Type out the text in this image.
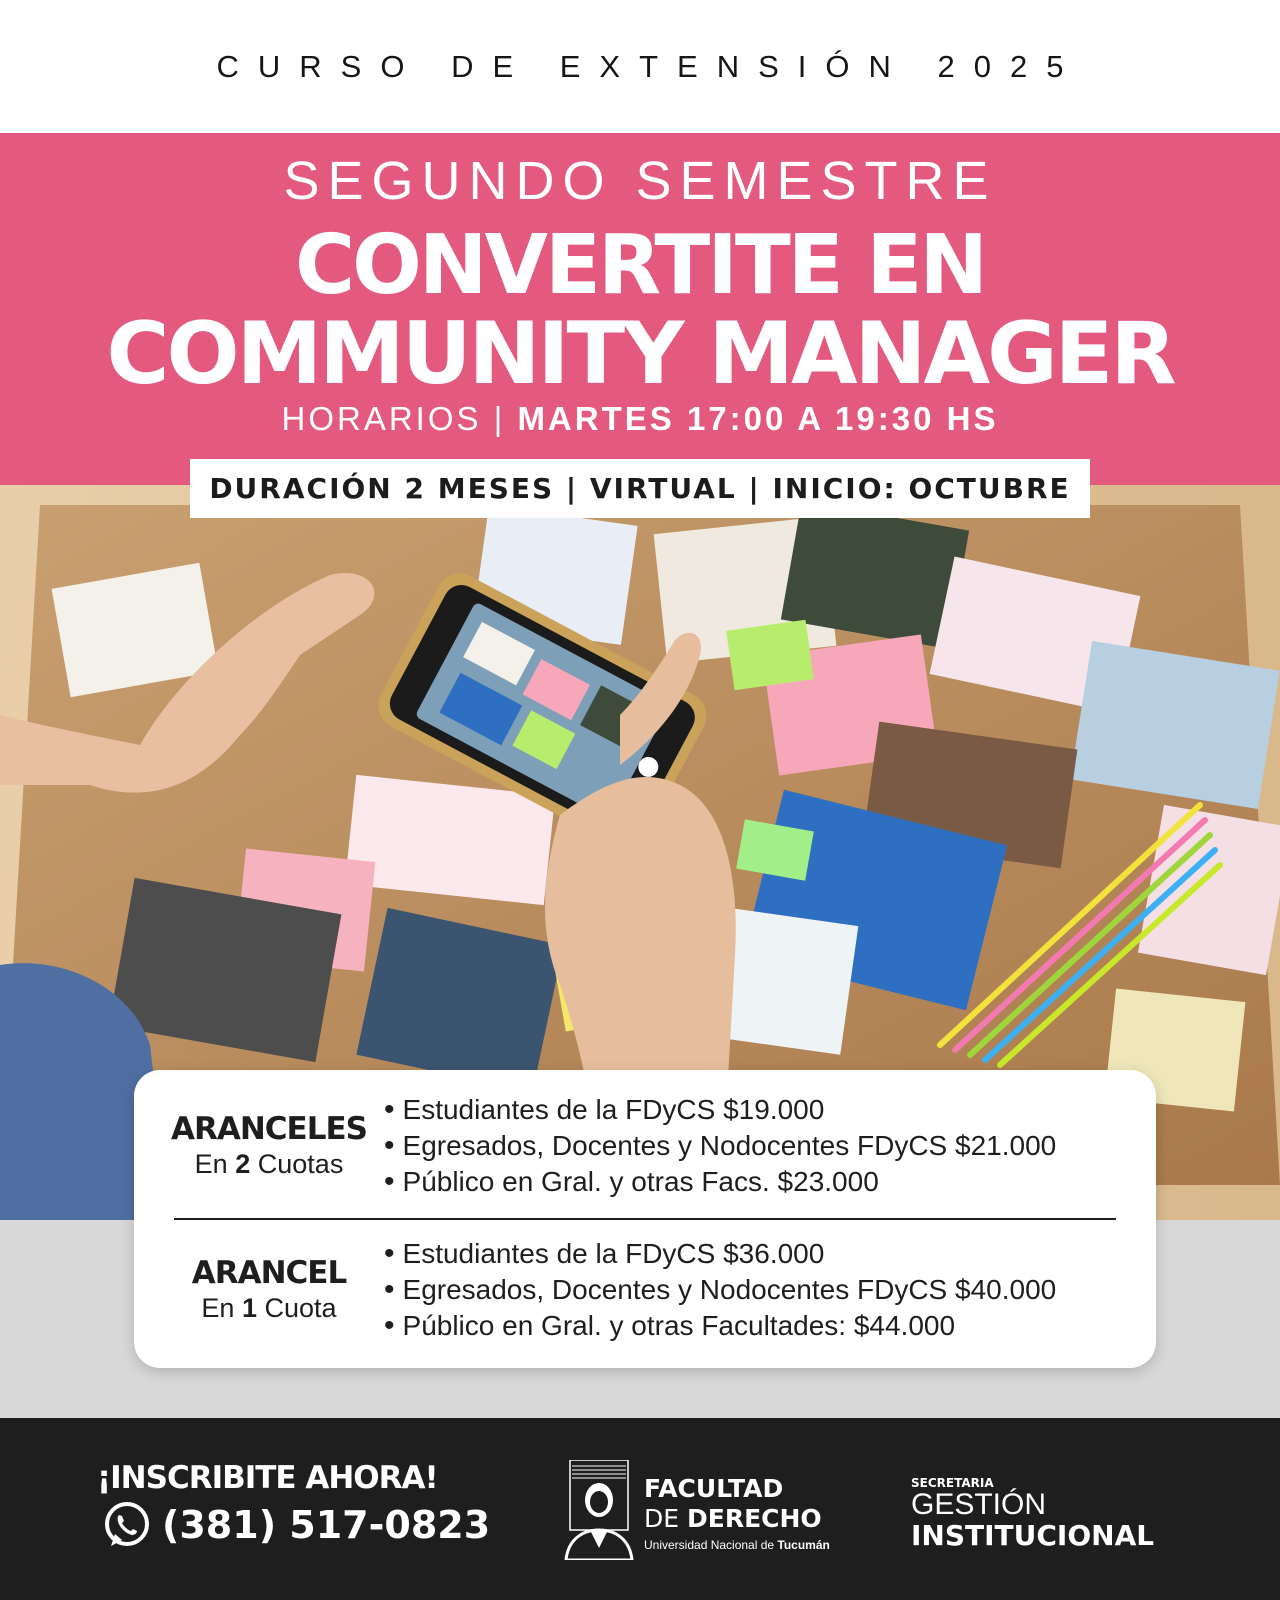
CURSO DE EXTENSIÓN 2025
SEGUNDO SEMESTRE
CONVERTITE EN
COMMUNITY MANAGER
HORARIOS | MARTES 17:00 A 19:30 HS
DURACIÓN 2 MESES | VIRTUAL | INICIO: OCTUBRE
ARANCELES
En 2 Cuotas
• Estudiantes de la FDyCS $19.000
• Egresados, Docentes y Nodocentes FDyCS $21.000
• Público en Gral. y otras Facs. $23.000
ARANCEL
En 1 Cuota
• Estudiantes de la FDyCS $36.000
• Egresados, Docentes y Nodocentes FDyCS $40.000
• Público en Gral. y otras Facultades: $44.000
¡INSCRIBITE AHORA!
(381) 517-0823
FACULTAD
DE DERECHO
Universidad Nacional de Tucumán
SECRETARIA
GESTIÓN
INSTITUCIONAL
